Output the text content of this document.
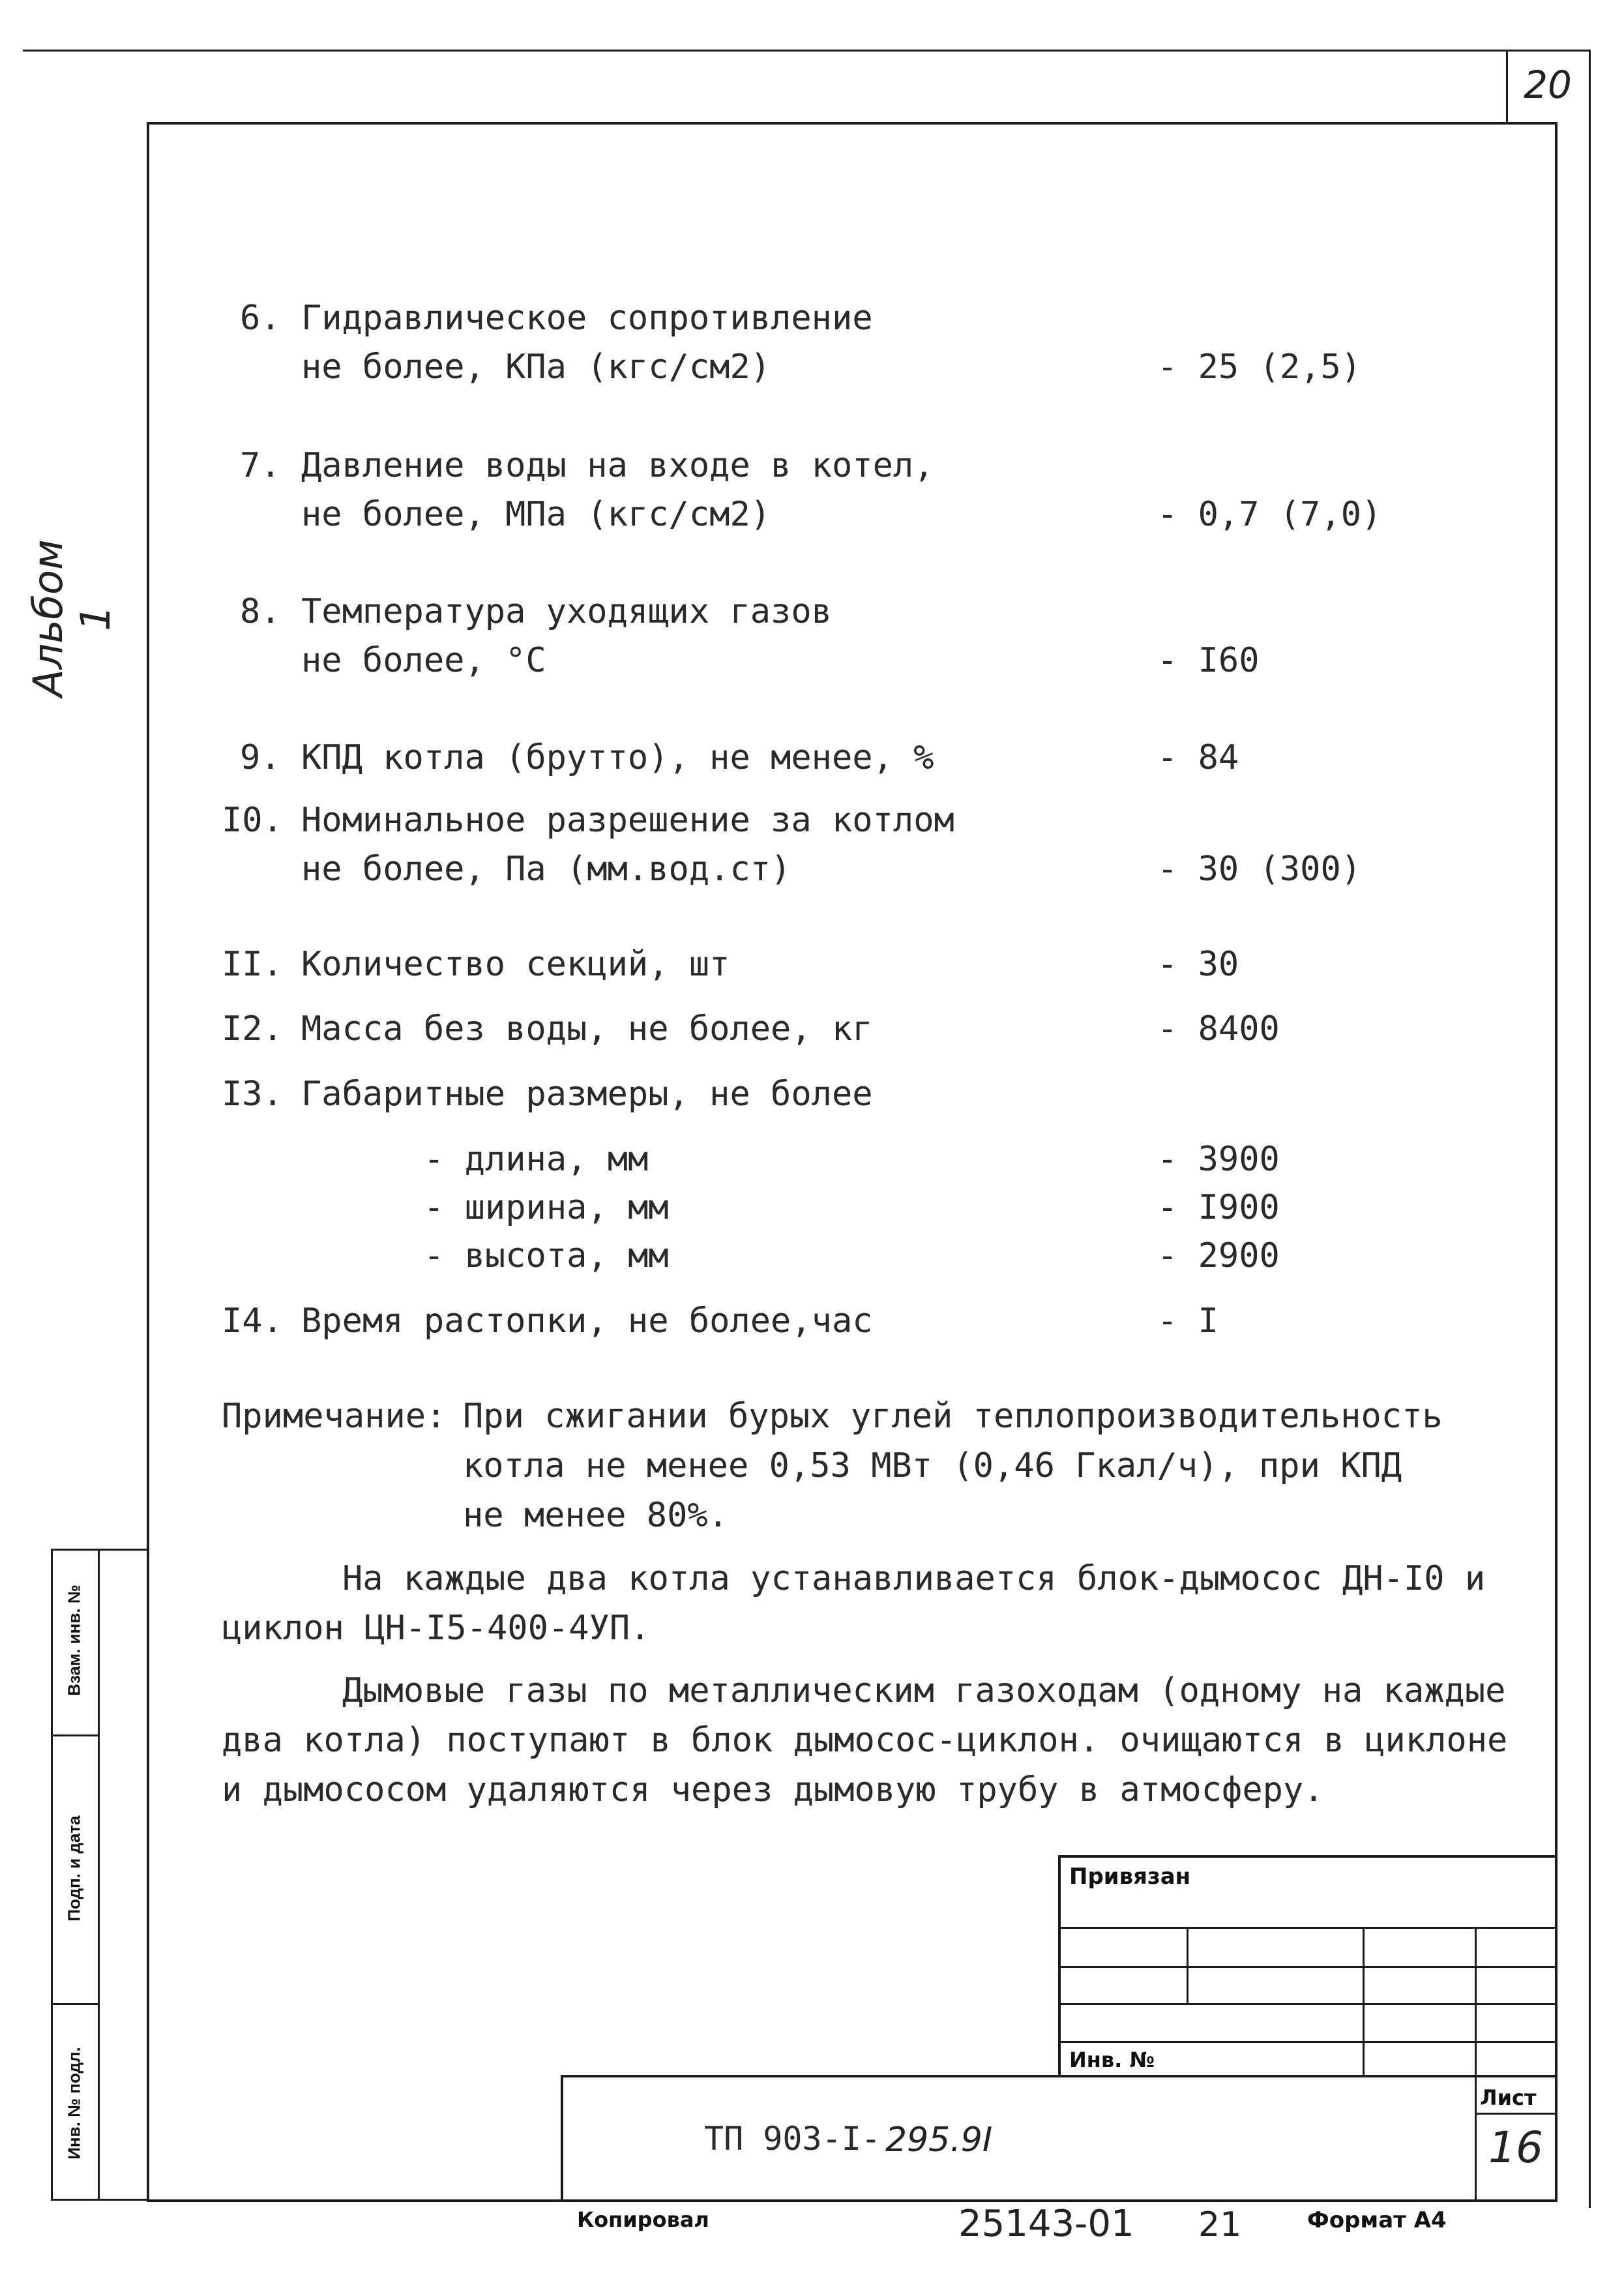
20
Альбом 1
Взам. инв. №
Подп. и дата
Инв. № подл.
6. Гидравлическое сопротивление
не более, КПа (кгс/см2)	- 25 (2,5)
7. Давление воды на входе в котел,
не более, МПа (кгс/см2)	- 0,7 (7,0)
8. Температура уходящих газов
не более, °C	- I60
9. КПД котла (брутто), не менее, %	- 84
I0. Номинальное разрешение за котлом
не более, Па (мм.вод.ст)	- 30 (300)
II. Количество секций, шт	- 30
I2. Масса без воды, не более, кг	- 8400
I3. Габаритные размеры, не более
- длина, мм	- 3900
- ширина, мм	- I900
- высота, мм	- 2900
I4. Время растопки, не более,час	- I
Примечание: При сжигании бурых углей теплопроизводительность
котла не менее 0,53 МВт (0,46 Гкал/ч), при КПД
не менее 80%.
На каждые два котла устанавливается блок-дымосос ДН-I0 и
циклон ЦН-I5-400-4УП.
Дымовые газы по металлическим газоходам (одному на каждые
два котла) поступают в блок дымосос-циклон. очищаются в циклоне
и дымососом удаляются через дымовую трубу в атмосферу.
Привязан
Инв. №
Лист
16
ТП 903-I- 295.9I
Копировал	25143-01 21	Формат А4
